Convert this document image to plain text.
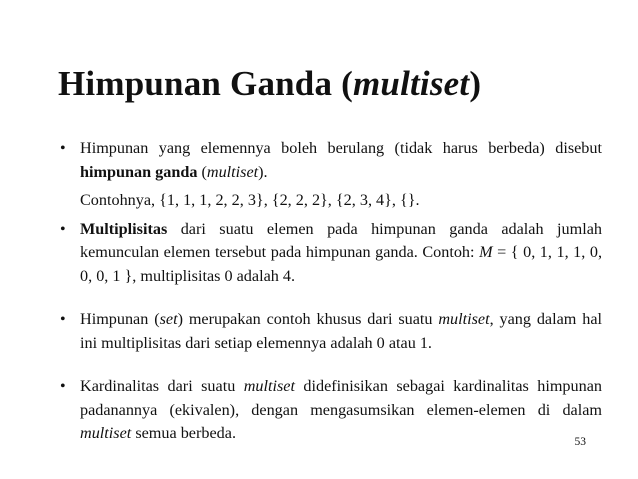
Himpunan Ganda (multiset)
• Himpunan yang elemennya boleh berulang (tidak harus berbeda) disebut himpunan ganda (multiset).
Contohnya, {1, 1, 1, 2, 2, 3}, {2, 2, 2}, {2, 3, 4}, {}.
• Multiplisitas dari suatu elemen pada himpunan ganda adalah jumlah kemunculan elemen tersebut pada himpunan ganda. Contoh: M = { 0, 1, 1, 1, 0, 0, 0, 1 }, multiplisitas 0 adalah 4.
• Himpunan (set) merupakan contoh khusus dari suatu multiset, yang dalam hal ini multiplisitas dari setiap elemennya adalah 0 atau 1.
• Kardinalitas dari suatu multiset didefinisikan sebagai kardinalitas himpunan padanannya (ekivalen), dengan mengasumsikan elemen-elemen di dalam multiset semua berbeda.	53
